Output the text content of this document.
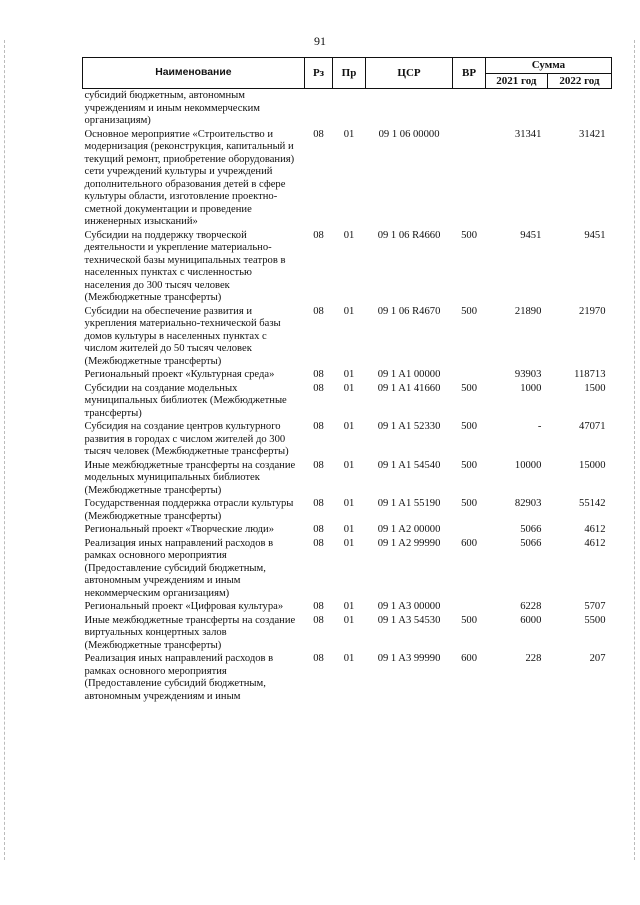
91
Наименование	Рз	Пр	ЦСР	ВР	Сумма	
					2021 год	2022 год
субсидий бюджетным, автономным учреждениям и иным некоммерческим организациям)						
Основное мероприятие «Строительство и модернизация (реконструкция, капитальный и текущий ремонт, приобретение оборудования) сети учреждений культуры и учреждений дополнительного образования детей в сфере культуры области, изготовление проектно-сметной документации и проведение инженерных изысканий»	08	01	09 1 06 00000		31341	31421
Субсидии на поддержку творческой деятельности и укрепление материально-технической базы муниципальных театров в населенных пунктах с численностью населения до 300 тысяч человек (Межбюджетные трансферты)	08	01	09 1 06 R4660	500	9451	9451
Субсидии на обеспечение развития и укрепления материально-технической базы домов культуры в населенных пунктах с числом жителей до 50 тысяч человек (Межбюджетные трансферты)	08	01	09 1 06 R4670	500	21890	21970
Региональный проект «Культурная среда»	08	01	09 1 A1 00000		93903	118713
Субсидии на создание модельных муниципальных библиотек (Межбюджетные трансферты)	08	01	09 1 A1 41660	500	1000	1500
Субсидия на создание центров культурного развития в городах с числом жителей до 300 тысяч человек (Межбюджетные трансферты)	08	01	09 1 A1 52330	500	-	47071
Иные межбюджетные трансферты на создание модельных муниципальных библиотек (Межбюджетные трансферты)	08	01	09 1 A1 54540	500	10000	15000
Государственная поддержка отрасли культуры (Межбюджетные трансферты)	08	01	09 1 A1 55190	500	82903	55142
Региональный проект «Творческие люди»	08	01	09 1 A2 00000		5066	4612
Реализация иных направлений расходов в рамках основного мероприятия (Предоставление субсидий бюджетным, автономным учреждениям и иным некоммерческим организациям)	08	01	09 1 A2 99990	600	5066	4612
Региональный проект «Цифровая культура»	08	01	09 1 A3 00000		6228	5707
Иные межбюджетные трансферты на создание виртуальных концертных залов (Межбюджетные трансферты)	08	01	09 1 A3 54530	500	6000	5500
Реализация иных направлений расходов в рамках основного мероприятия (Предоставление субсидий бюджетным, автономным учреждениям и иным	08	01	09 1 A3 99990	600	228	207
